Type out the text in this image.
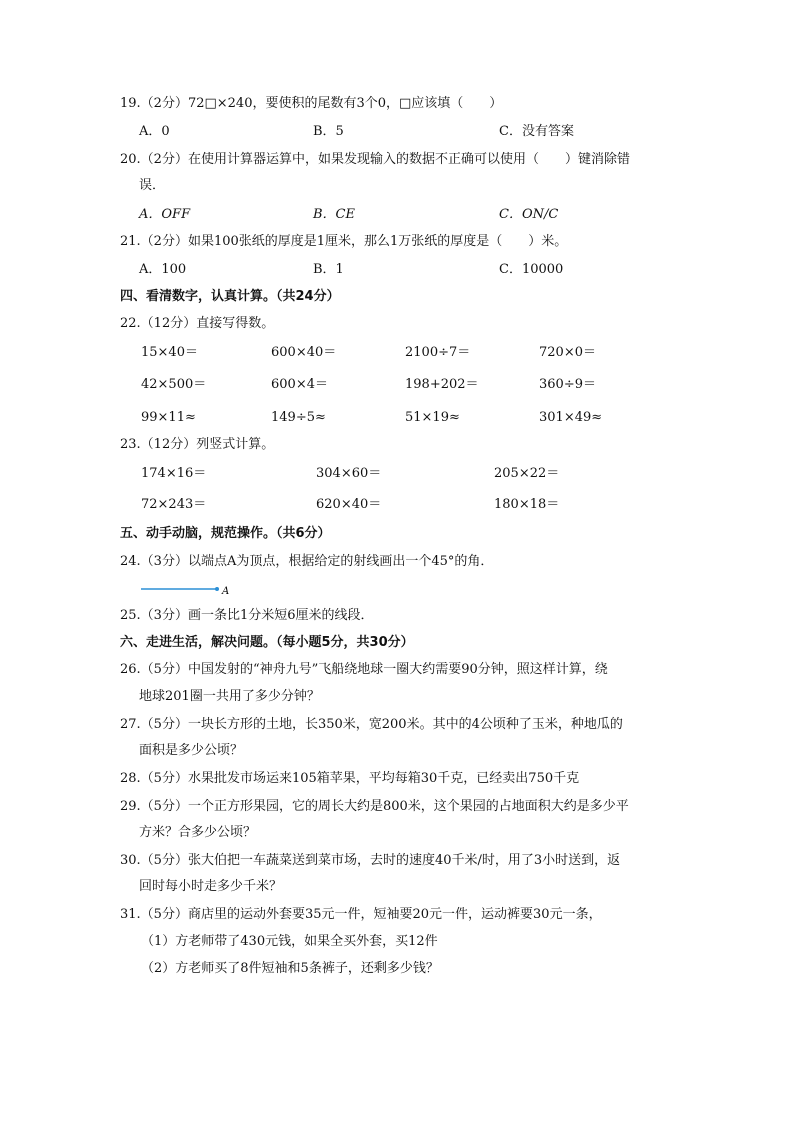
19.（2分）72□×240，要使积的尾数有3个0，□应该填（　　）
A．0	B．5	C．没有答案
20.（2分）在使用计算器运算中，如果发现输入的数据不正确可以使用（　　）键消除错
误．
A．OFF	B．CE	C．ON/C
21.（2分）如果100张纸的厚度是1厘米，那么1万张纸的厚度是（　　）米。
A．100	B．1	C．10000
四、看清数字，认真计算。（共24分）
22.（12分）直接写得数。
15×40＝	600×40＝	2100÷7＝	720×0＝
42×500＝	600×4＝	198+202＝	360÷9＝
99×11≈	149÷5≈	51×19≈	301×49≈
23.（12分）列竖式计算。
174×16＝	304×60＝	205×22＝
72×243＝	620×40＝	180×18＝
五、动手动脑，规范操作。（共6分）
24.（3分）以端点A为顶点，根据给定的射线画出一个45°的角．
A
25.（3分）画一条比1分米短6厘米的线段．
六、走进生活，解决问题。（每小题5分，共30分）
26.（5分）中国发射的“神舟九号”飞船绕地球一圈大约需要90分钟，照这样计算，绕
地球201圈一共用了多少分钟？
27.（5分）一块长方形的土地，长350米，宽200米。其中的4公顷种了玉米，种地瓜的
面积是多少公顷？
28.（5分）水果批发市场运来105箱苹果，平均每箱30千克，已经卖出750千克
29.（5分）一个正方形果园，它的周长大约是800米，这个果园的占地面积大约是多少平
方米？合多少公顷？
30.（5分）张大伯把一车蔬菜送到菜市场，去时的速度40千米/时，用了3小时送到，返
回时每小时走多少千米？
31.（5分）商店里的运动外套要35元一件，短袖要20元一件，运动裤要30元一条，
（1）方老师带了430元钱，如果全买外套，买12件
（2）方老师买了8件短袖和5条裤子，还剩多少钱？
